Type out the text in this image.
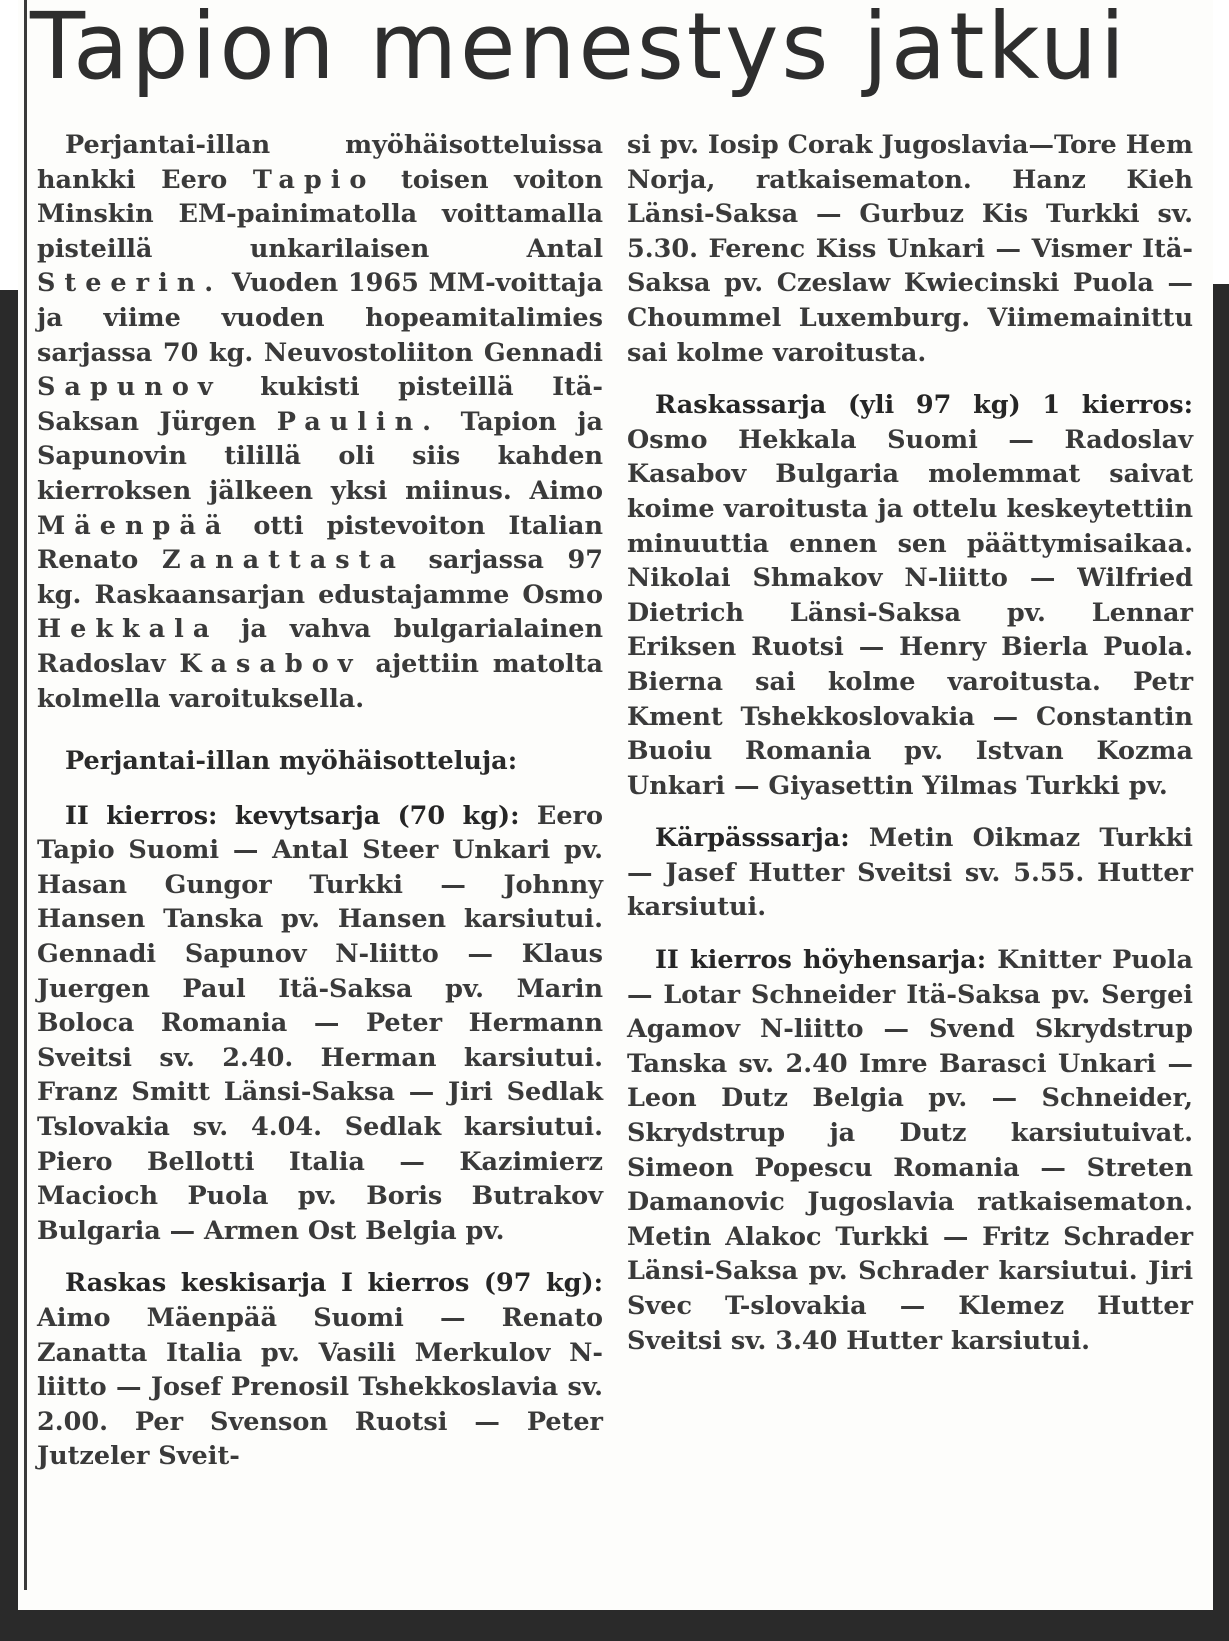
Tapion menestys jatkui

Perjantai-illan myöhäisotteluissa hankki Eero Tapio toisen voiton Minskin EM-painimatolla voittamalla pisteillä unkarilaisen Antal Steerin. Vuoden 1965 MM-voittaja ja viime vuoden hopeamitalimies sarjassa 70 kg. Neuvostoliiton Gennadi Sapunov kukisti pisteillä Itä-Saksan Jürgen Paulin. Tapion ja Sapunovin tilillä oli siis kahden kierroksen jälkeen yksi miinus. Aimo Mäenpää otti pistevoiton Italian Renato Zanattasta sarjassa 97 kg. Raskaansarjan edustajamme Osmo Hekkala ja vahva bulgarialainen Radoslav Kasabov ajettiin matolta kolmella varoituksella.

Perjantai-illan myöhäisotteluja:

II kierros: kevytsarja (70 kg): Eero Tapio Suomi — Antal Steer Unkari pv. Hasan Gungor Turkki — Johnny Hansen Tanska pv. Hansen karsiutui. Gennadi Sapunov N-liitto — Klaus Juergen Paul Itä-Saksa pv. Marin Boloca Romania — Peter Hermann Sveitsi sv. 2.40. Herman karsiutui. Franz Smitt Länsi-Saksa — Jiri Sedlak Tslovakia sv. 4.04. Sedlak karsiutui. Piero Bellotti Italia — Kazimierz Macioch Puola pv. Boris Butrakov Bulgaria — Armen Ost Belgia pv.

Raskas keskisarja I kierros (97 kg): Aimo Mäenpää Suomi — Renato Zanatta Italia pv. Vasili Merkulov N-liitto — Josef Prenosil Tshekkoslavia sv. 2.00. Per Svenson Ruotsi — Peter Jutzeler Sveit-

si pv. Iosip Corak Jugoslavia—Tore Hem Norja, ratkaisematon. Hanz Kieh Länsi-Saksa — Gurbuz Kis Turkki sv. 5.30. Ferenc Kiss Unkari — Vismer Itä-Saksa pv. Czeslaw Kwiecinski Puola — Choummel Luxemburg. Viimemainittu sai kolme varoitusta.

Raskassarja (yli 97 kg) 1 kierros: Osmo Hekkala Suomi — Radoslav Kasabov Bulgaria molemmat saivat koime varoitusta ja ottelu keskeytettiin minuuttia ennen sen päättymisaikaa. Nikolai Shmakov N-liitto — Wilfried Dietrich Länsi-Saksa pv. Lennar Eriksen Ruotsi — Henry Bierla Puola. Bierna sai kolme varoitusta. Petr Kment Tshekkoslovakia — Constantin Buoiu Romania pv. Istvan Kozma Unkari — Giyasettin Yilmas Turkki pv.

Kärpässsarja: Metin Oikmaz Turkki — Jasef Hutter Sveitsi sv. 5.55. Hutter karsiutui.

II kierros höyhensarja: Knitter Puola — Lotar Schneider Itä-Saksa pv. Sergei Agamov N-liitto — Svend Skrydstrup Tanska sv. 2.40 Imre Barasci Unkari — Leon Dutz Belgia pv. — Schneider, Skrydstrup ja Dutz karsiutuivat. Simeon Popescu Romania — Streten Damanovic Jugoslavia ratkaisematon. Metin Alakoc Turkki — Fritz Schrader Länsi-Saksa pv. Schrader karsiutui. Jiri Svec T-slovakia — Klemez Hutter Sveitsi sv. 3.40 Hutter karsiutui.
